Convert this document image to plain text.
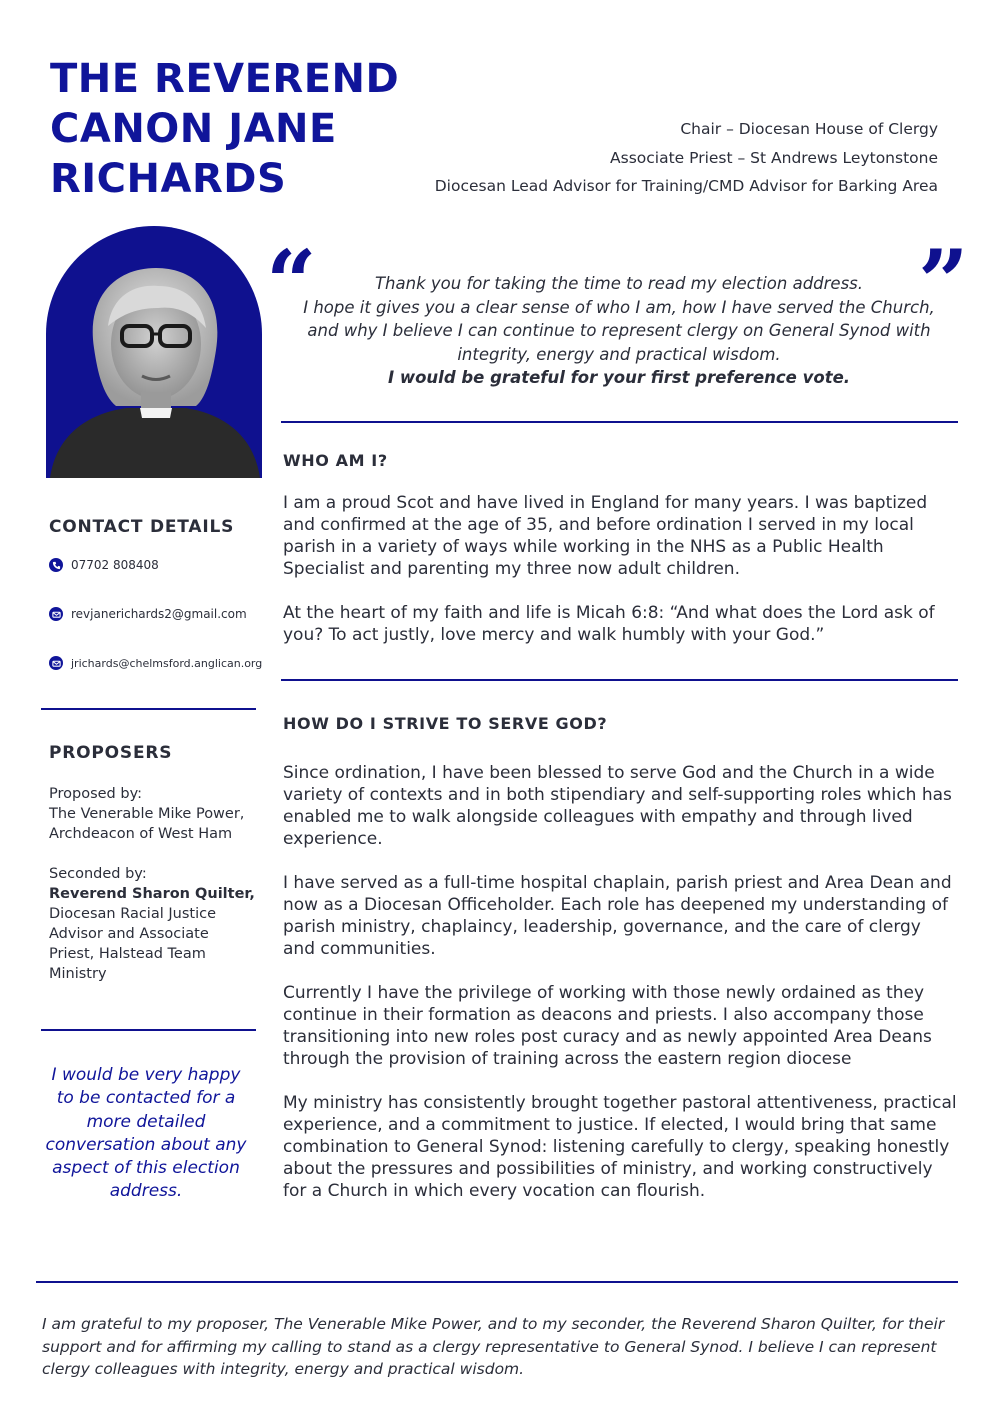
THE REVEREND
CANON JANE
RICHARDS
Chair – Diocesan House of Clergy
Associate Priest – St Andrews Leytonstone
Diocesan Lead Advisor for Training/CMD Advisor for Barking Area
“	”
Thank you for taking the time to read my election address.
I hope it gives you a clear sense of who I am, how I have served the Church,
and why I believe I can continue to represent clergy on General Synod with
integrity, energy and practical wisdom.
I would be grateful for your first preference vote.
WHO AM I?

I am a proud Scot and have lived in England for many years. I was baptized and confirmed at the age of 35, and before ordination I served in my local parish in a variety of ways while working in the NHS as a Public Health Specialist and parenting my three now adult children.

At the heart of my faith and life is Micah 6:8: “And what does the Lord ask of you? To act justly, love mercy and walk humbly with your God.”

HOW DO I STRIVE TO SERVE GOD?

Since ordination, I have been blessed to serve God and the Church in a wide variety of contexts and in both stipendiary and self-supporting roles which has enabled me to walk alongside colleagues with empathy and through lived experience.

I have served as a full-time hospital chaplain, parish priest and Area Dean and now as a Diocesan Officeholder. Each role has deepened my understanding of parish ministry, chaplaincy, leadership, governance, and the care of clergy and communities.

Currently I have the privilege of working with those newly ordained as they continue in their formation as deacons and priests. I also accompany those transitioning into new roles post curacy and as newly appointed Area Deans through the provision of training across the eastern region diocese

My ministry has consistently brought together pastoral attentiveness, practical experience, and a commitment to justice. If elected, I would bring that same combination to General Synod: listening carefully to clergy, speaking honestly about the pressures and possibilities of ministry, and working constructively for a Church in which every vocation can flourish.

CONTACT DETAILS
07702 808408
revjanerichards2@gmail.com
jrichards@chelmsford.anglican.org
PROPOSERS

Proposed by:

The Venerable Mike Power,

Archdeacon of West Ham

Seconded by:

Reverend Sharon Quilter,

Diocesan Racial Justice

Advisor and Associate

Priest, Halstead Team

Ministry

I would be very happy
to be contacted for a
more detailed
conversation about any
aspect of this election
address.
I am grateful to my proposer, The Venerable Mike Power, and to my seconder, the Reverend Sharon Quilter, for their support and for affirming my calling to stand as a clergy representative to General Synod. I believe I can represent clergy colleagues with integrity, energy and practical wisdom.
